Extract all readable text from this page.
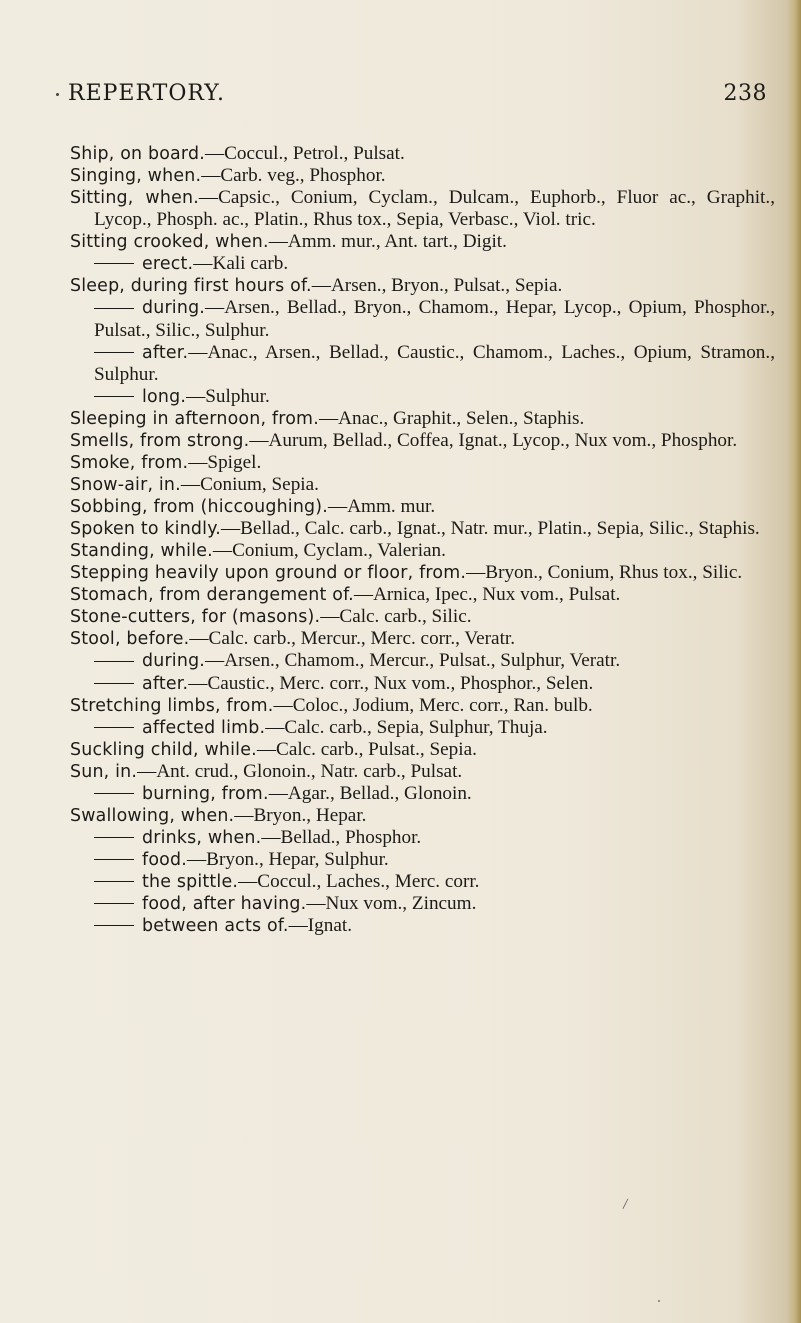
REPERTORY.	238
Ship, on board.—Coccul., Petrol., Pulsat.
Singing, when.—Carb. veg., Phosphor.
Sitting, when.—Capsic., Conium, Cyclam., Dulcam., Euphorb., Fluor ac., Graphit., Lycop., Phosph. ac., Platin., Rhus tox., Sepia, Verbasc., Viol. tric.
Sitting crooked, when.—Amm. mur., Ant. tart., Digit.
erect.—Kali carb.
Sleep, during first hours of.—Arsen., Bryon., Pulsat., Sepia.
during.—Arsen., Bellad., Bryon., Chamom., Hepar, Lycop., Opium, Phosphor., Pulsat., Silic., Sulphur.
after.—Anac., Arsen., Bellad., Caustic., Chamom., Laches., Opium, Stramon., Sulphur.
long.—Sulphur.
Sleeping in afternoon, from.—Anac., Graphit., Selen., Staphis.
Smells, from strong.—Aurum, Bellad., Coffea, Ignat., Lycop., Nux vom., Phosphor.
Smoke, from.—Spigel.
Snow-air, in.—Conium, Sepia.
Sobbing, from (hiccoughing).—Amm. mur.
Spoken to kindly.—Bellad., Calc. carb., Ignat., Natr. mur., Platin., Sepia, Silic., Staphis.
Standing, while.—Conium, Cyclam., Valerian.
Stepping heavily upon ground or floor, from.—Bryon., Conium, Rhus tox., Silic.
Stomach, from derangement of.—Arnica, Ipec., Nux vom., Pulsat.
Stone-cutters, for (masons).—Calc. carb., Silic.
Stool, before.—Calc. carb., Mercur., Merc. corr., Veratr.
during.—Arsen., Chamom., Mercur., Pulsat., Sulphur, Veratr.
after.—Caustic., Merc. corr., Nux vom., Phosphor., Selen.
Stretching limbs, from.—Coloc., Jodium, Merc. corr., Ran. bulb.
affected limb.—Calc. carb., Sepia, Sulphur, Thuja.
Suckling child, while.—Calc. carb., Pulsat., Sepia.
Sun, in.—Ant. crud., Glonoin., Natr. carb., Pulsat.
burning, from.—Agar., Bellad., Glonoin.
Swallowing, when.—Bryon., Hepar.
drinks, when.—Bellad., Phosphor.
food.—Bryon., Hepar, Sulphur.
the spittle.—Coccul., Laches., Merc. corr.
food, after having.—Nux vom., Zincum.
between acts of.—Ignat.
/
